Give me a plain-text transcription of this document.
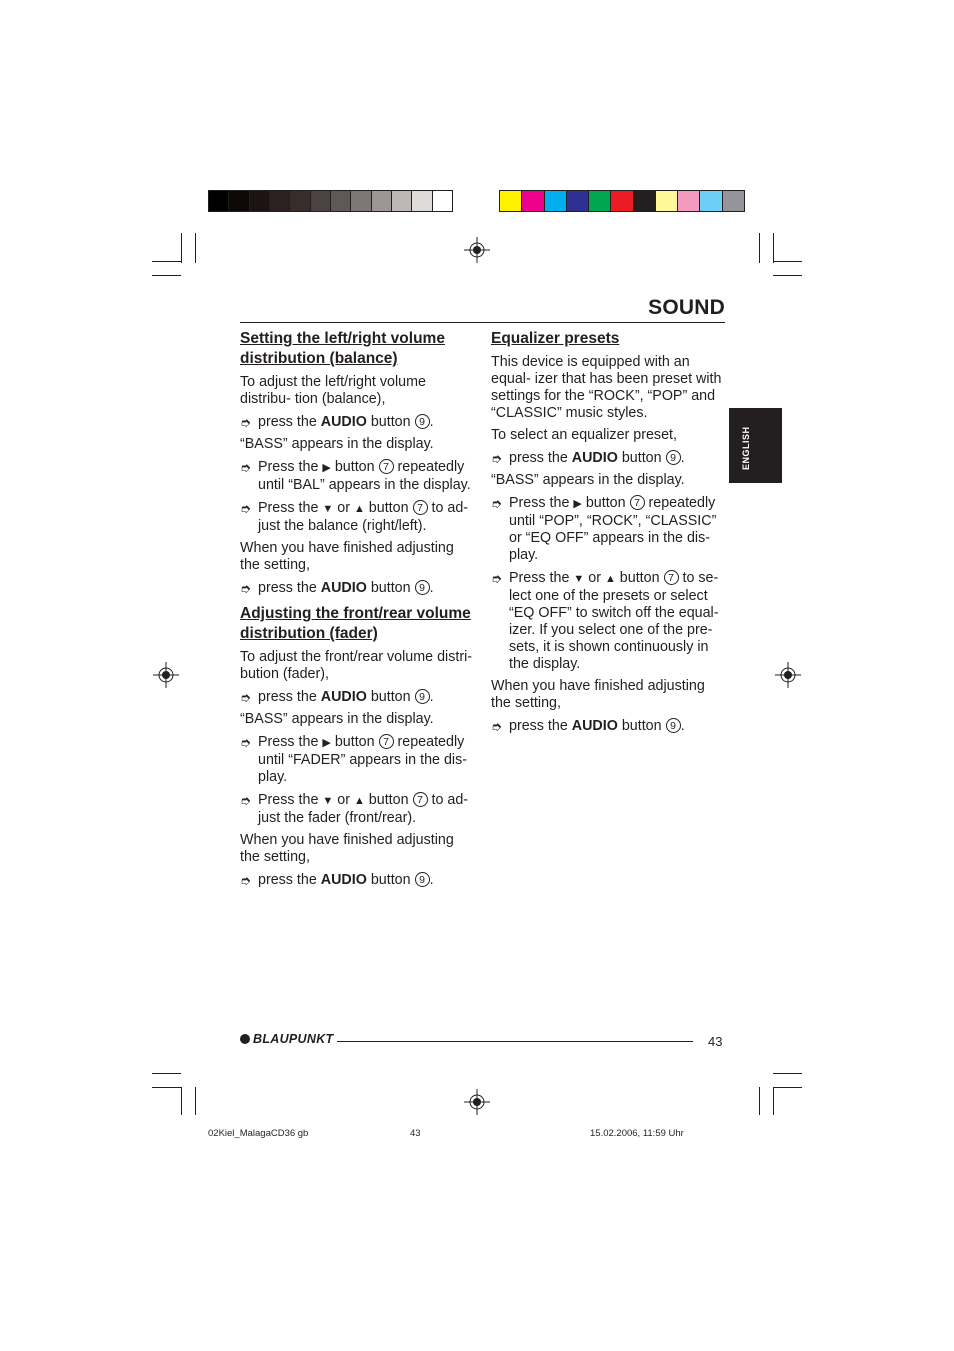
SOUND
ENGLISH
Setting the left/right volume distribution (balance)

To adjust the left/right volume distribu- tion (balance),

➮ press the AUDIO button 9 .

“BASS” appears in the display.

➮ Press the ▶ button 7 repeatedly until “BAL” appears in the display.
➮ Press the ▼ or ▲ button 7 to ad- just the balance (right/left).

When you have finished adjusting the setting,

➮ press the AUDIO button 9 .
Adjusting the front/rear volume distribution (fader)

To adjust the front/rear volume distri- bution (fader),

➮ press the AUDIO button 9 .

“BASS” appears in the display.

➮ Press the ▶ button 7 repeatedly until “FADER” appears in the dis- play.
➮ Press the ▼ or ▲ button 7 to ad- just the fader (front/rear).

When you have finished adjusting the setting,

➮ press the AUDIO button 9 .
Equalizer presets

This device is equipped with an equal- izer that has been preset with settings for the “ROCK”, “POP” and “CLASSIC” music styles.

To select an equalizer preset,

➮ press the AUDIO button 9 .

“BASS” appears in the display.

➮ Press the ▶ button 7 repeatedly until “POP”, “ROCK”, “CLASSIC” or “EQ OFF” appears in the dis- play.
➮ Press the ▼ or ▲ button 7 to se- lect one of the presets or select “EQ OFF” to switch off the equal- izer. If you select one of the pre- sets, it is shown continuously in the display.

When you have finished adjusting the setting,

➮ press the AUDIO button 9 .
BLAUPUNKT	43
02Kiel_MalagaCD36 gb	43	15.02.2006, 11:59 Uhr
